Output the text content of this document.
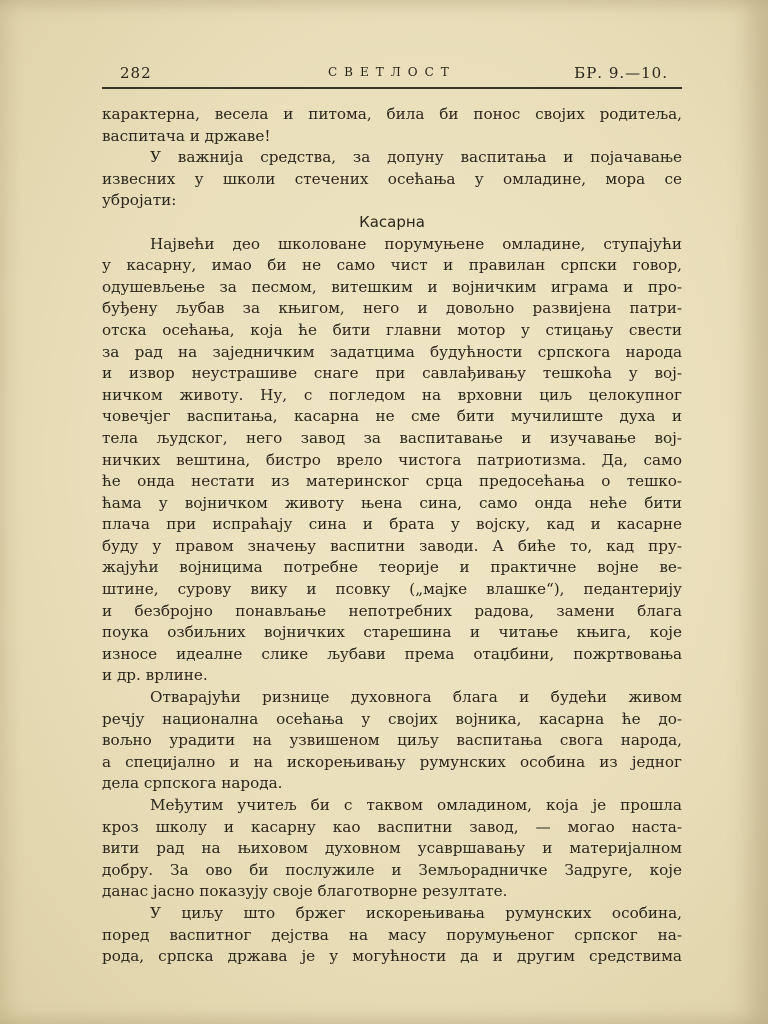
282	СВЕТЛОСТ	БР. 9.—10.
карактерна, весела и питома, била би понос својих родитеља,
васпитача и државе!
У важнија средства, за допуну васпитања и појачавање
извесних у школи стечених осећања у омладине, мора се
убројати:
Касарна
Највећи део школоване порумуњене омладине, ступајући
у касарну, имао би не само чист и правилан српски говор,
одушевљење за песмом, витешким и војничким играма и про-
буђену љубав за књигом, него и довољно развијена патри-
отска осећања, која ће бити главни мотор у стицању свести
за рад на заједничким задатцима будућности српскога народа
и извор неустрашиве снаге при савлађивању тешкоћа у вој-
ничком животу. Ну, с погледом на врховни циљ целокупног
човечјег васпитања, касарна не сме бити мучилиште духа и
тела људског, него завод за васпитавање и изучавање вој-
ничких вештина, бистро врело чистога патриотизма. Да, само
ће онда нестати из материнског срца предосећања о тешко-
ћама у војничком животу њена сина, само онда неће бити
плача при испраћају сина и брата у војску, кад и касарне
буду у правом значењу васпитни заводи. А биће то, кад пру-
жајући војницима потребне теорије и практичне војне ве-
штине, сурову вику и псовку („мајке влашке“), педантерију
и безбројно понављање непотребних радова, замени блага
поука озбиљних војничких старешина и читање књига, које
износе идеалне слике љубави према отаџбини, пожртвовања
и др. врлине.
Отварајући ризнице духовнога блага и будећи живом
речју национална осећања у својих војника, касарна ће до-
вољно урадити на узвишеном циљу васпитања свога народа,
а специјално и на искорењивању румунских особина из једног
дела српскога народа.
Међутим учитељ би с таквом омладином, која је прошла
кроз школу и касарну као васпитни завод, — могао наста-
вити рад на њиховом духовном усавршавању и материјалном
добру. За ово би послужиле и Земљорадничке Задруге, које
данас јасно показују своје благотворне резултате.
У циљу што бржег искорењивања румунских особина,
поред васпитног дејства на масу порумуњеног српског на-
рода, српска држава је у могућности да и другим средствима
